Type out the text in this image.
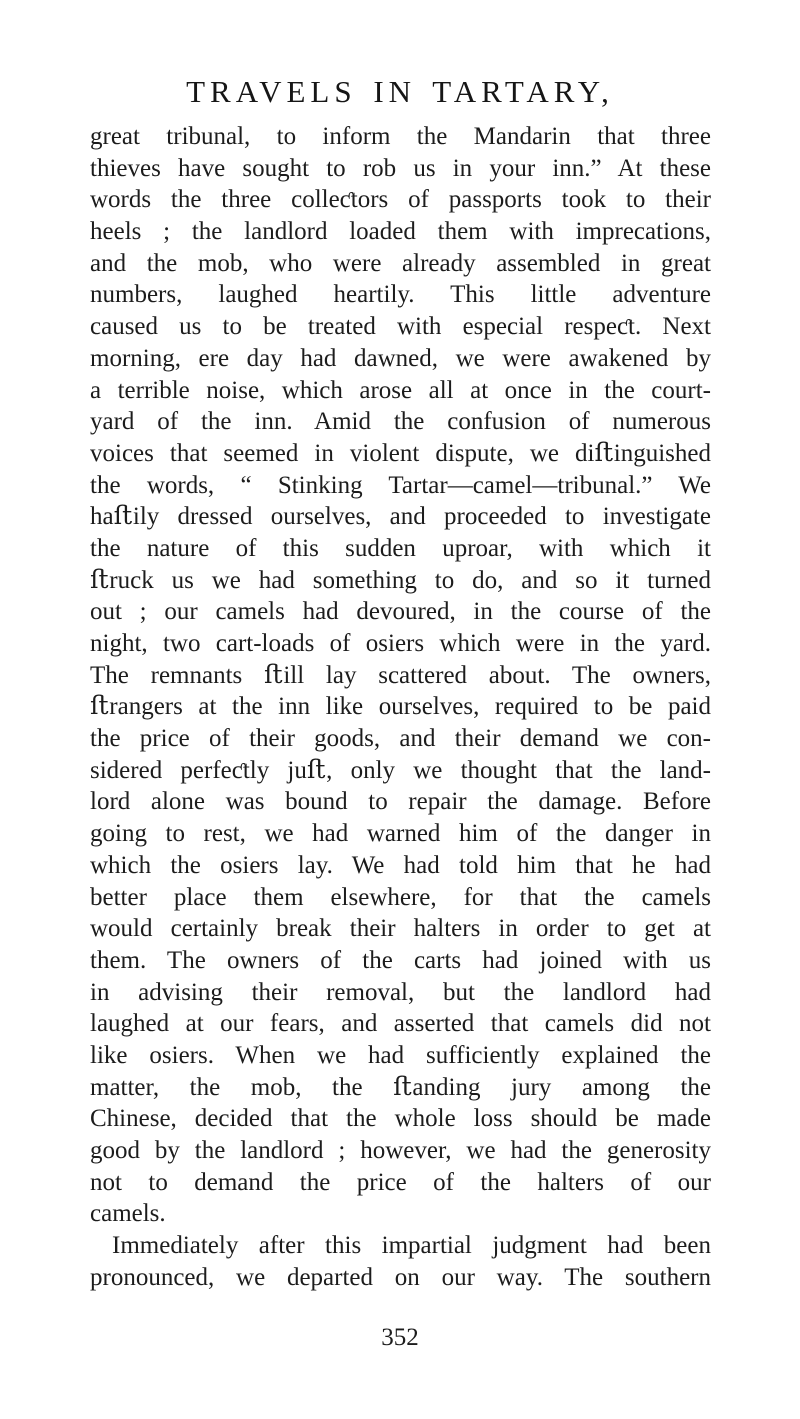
TRAVELS IN TARTARY,
great tribunal, to inform the Mandarin that three
thieves have sought to rob us in your inn.” At these
words the three colleƈtors of passports took to their
heels ; the landlord loaded them with imprecations,
and the mob, who were already assembled in great
numbers, laughed heartily. This little adventure
caused us to be treated with especial respeƈt. Next
morning, ere day had dawned, we were awakened by
a terrible noise, which arose all at once in the court-
yard of the inn. Amid the confusion of numerous
voices that seemed in violent dispute, we diﬅinguished
the words, “ Stinking Tartar—camel—tribunal.” We
haﬅily dressed ourselves, and proceeded to investigate
the nature of this sudden uproar, with which it
ﬅruck us we had something to do, and so it turned
out ; our camels had devoured, in the course of the
night, two cart-loads of osiers which were in the yard.
The remnants ﬅill lay scattered about. The owners,
ﬅrangers at the inn like ourselves, required to be paid
the price of their goods, and their demand we con-
sidered perfeƈtly juﬅ, only we thought that the land-
lord alone was bound to repair the damage. Before
going to rest, we had warned him of the danger in
which the osiers lay. We had told him that he had
better place them elsewhere, for that the camels
would certainly break their halters in order to get at
them. The owners of the carts had joined with us
in advising their removal, but the landlord had
laughed at our fears, and asserted that camels did not
like osiers. When we had sufficiently explained the
matter, the mob, the ﬅanding jury among the
Chinese, decided that the whole loss should be made
good by the landlord ; however, we had the generosity
not to demand the price of the halters of our
camels.
Immediately after this impartial judgment had been
pronounced, we departed on our way. The southern
352
